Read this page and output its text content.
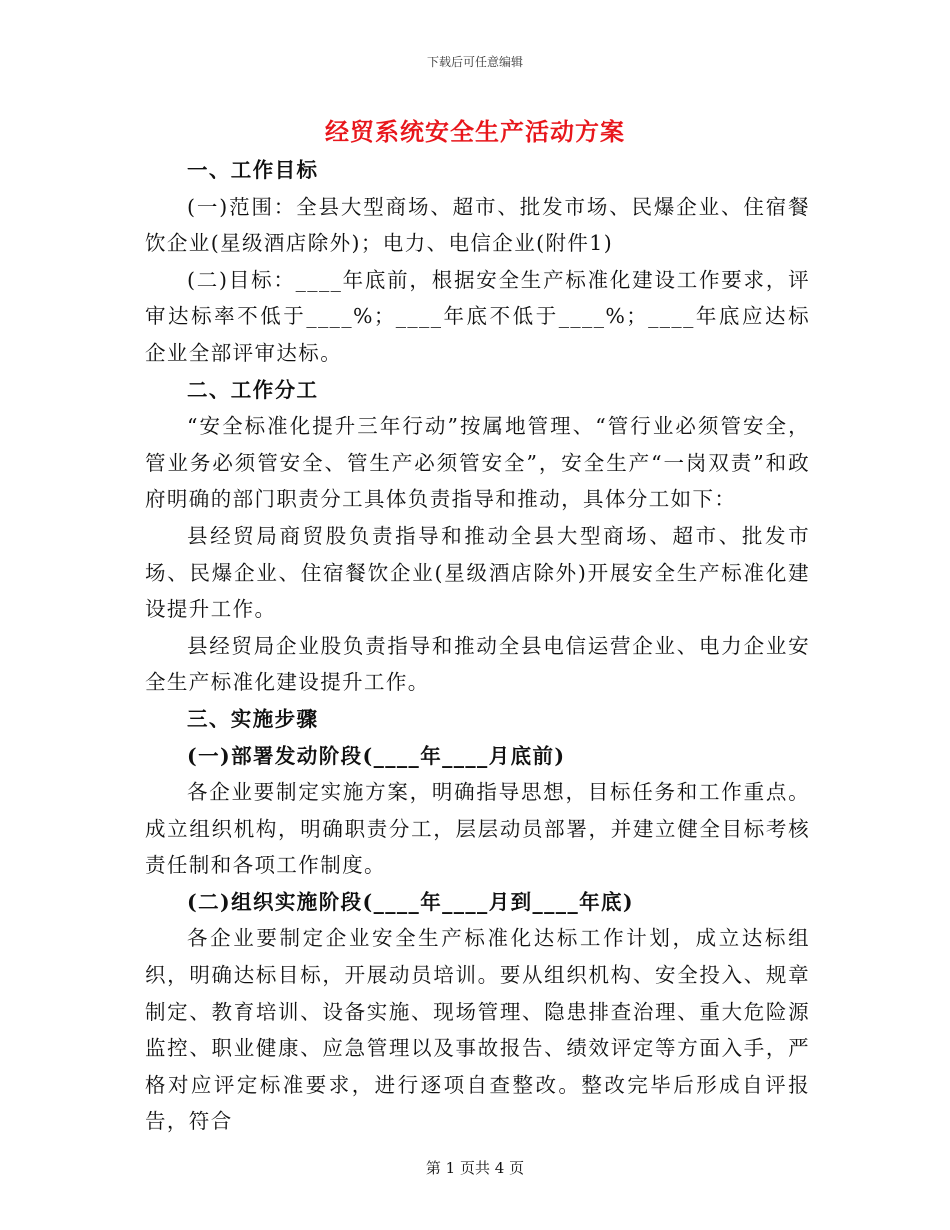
下载后可任意编辑
经贸系统安全生产活动方案

一、工作目标

(一)范围：全县大型商场、超市、批发市场、民爆企业、住宿餐饮企业(星级酒店除外)；电力、电信企业(附件1)

(二)目标：____年底前，根据安全生产标准化建设工作要求，评审达标率不低于____%；____年底不低于____%；____年底应达标企业全部评审达标。

二、工作分工

“安全标准化提升三年行动”按属地管理、“管行业必须管安全，管业务必须管安全、管生产必须管安全”，安全生产“一岗双责”和政府明确的部门职责分工具体负责指导和推动，具体分工如下：

县经贸局商贸股负责指导和推动全县大型商场、超市、批发市场、民爆企业、住宿餐饮企业(星级酒店除外)开展安全生产标准化建设提升工作。

县经贸局企业股负责指导和推动全县电信运营企业、电力企业安全生产标准化建设提升工作。

三、实施步骤

(一)部署发动阶段(____年____月底前)

各企业要制定实施方案，明确指导思想，目标任务和工作重点。成立组织机构，明确职责分工，层层动员部署，并建立健全目标考核责任制和各项工作制度。

(二)组织实施阶段(____年____月到____年底)

各企业要制定企业安全生产标准化达标工作计划，成立达标组织，明确达标目标，开展动员培训。要从组织机构、安全投入、规章制定、教育培训、设备实施、现场管理、隐患排查治理、重大危险源监控、职业健康、应急管理以及事故报告、绩效评定等方面入手，严格对应评定标准要求，进行逐项自查整改。整改完毕后形成自评报告，符合

第 1 页共 4 页
